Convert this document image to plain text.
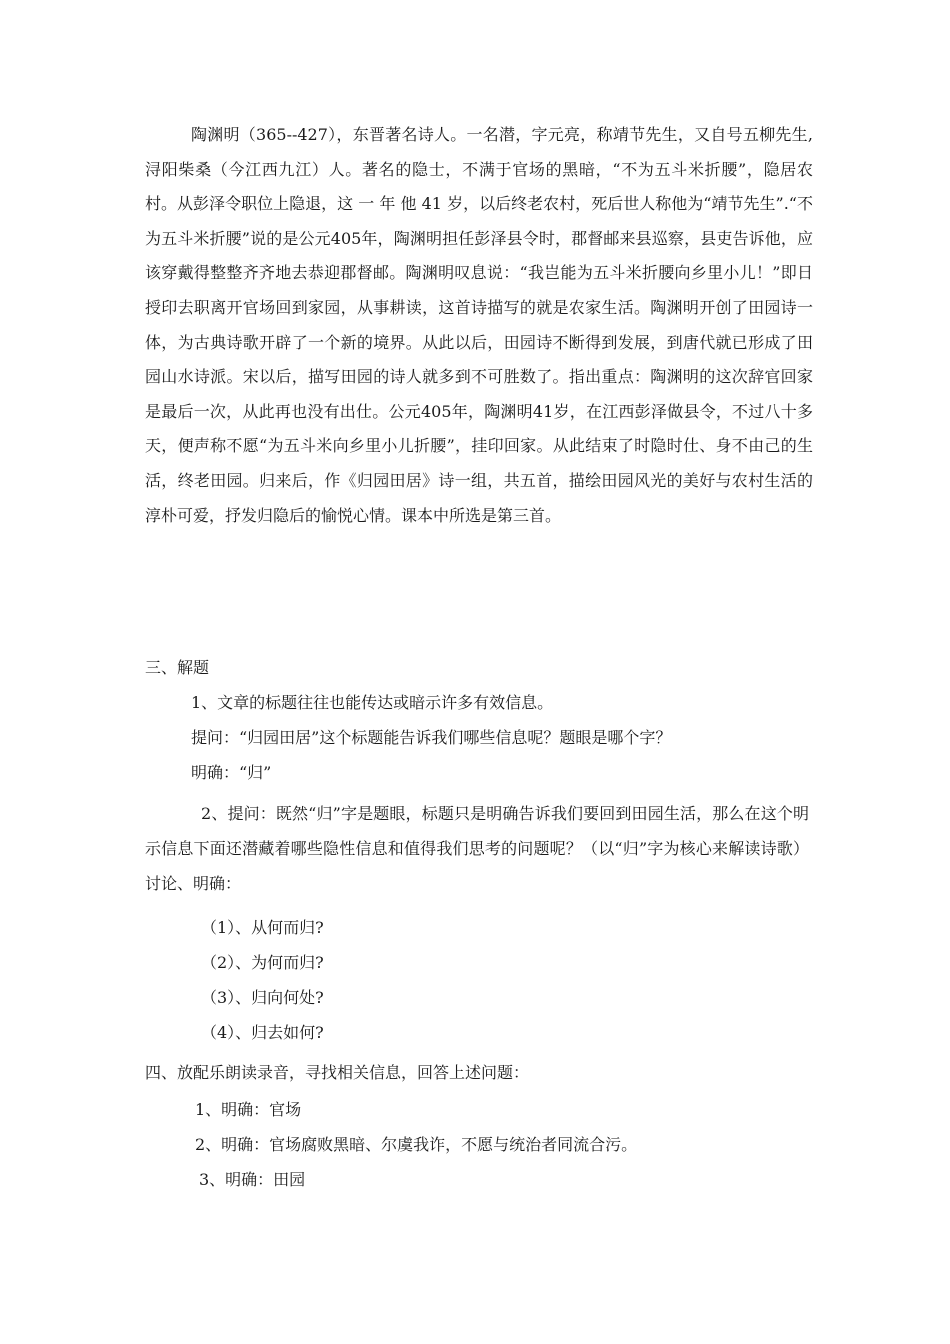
陶渊明（365--427），东晋著名诗人。一名潜，字元亮，称靖节先生，又自号五柳先生,浔阳柴桑（今江西九江）人。著名的隐士，不满于官场的黑暗，“不为五斗米折腰”，隐居农村。从彭泽令职位上隐退，这 一 年 他 41 岁，以后终老农村，死后世人称他为“靖节先生”.“不为五斗米折腰”说的是公元405年，陶渊明担任彭泽县令时，郡督邮来县巡察，县吏告诉他，应该穿戴得整整齐齐地去恭迎郡督邮。陶渊明叹息说：“我岂能为五斗米折腰向乡里小儿！”即日授印去职离开官场回到家园，从事耕读，这首诗描写的就是农家生活。陶渊明开创了田园诗一体，为古典诗歌开辟了一个新的境界。从此以后，田园诗不断得到发展，到唐代就已形成了田园山水诗派。宋以后，描写田园的诗人就多到不可胜数了。指出重点：陶渊明的这次辞官回家是最后一次，从此再也没有出仕。公元405年，陶渊明41岁，在江西彭泽做县令，不过八十多天，便声称不愿“为五斗米向乡里小儿折腰”，挂印回家。从此结束了时隐时仕、身不由己的生活，终老田园。归来后，作《归园田居》诗一组，共五首，描绘田园风光的美好与农村生活的淳朴可爱，抒发归隐后的愉悦心情。课本中所选是第三首。

三、解题

1、文章的标题往往也能传达或暗示许多有效信息。

提问：“归园田居”这个标题能告诉我们哪些信息呢？题眼是哪个字？

明确：“归”

2、提问：既然“归”字是题眼，标题只是明确告诉我们要回到田园生活，那么在这个明示信息下面还潜藏着哪些隐性信息和值得我们思考的问题呢？（以“归”字为核心来解读诗歌）讨论、明确：

（1）、从何而归?

（2）、为何而归?

（3）、归向何处?

（4）、归去如何?

四、放配乐朗读录音，寻找相关信息，回答上述问题：

1、明确：官场

2、明确：官场腐败黑暗、尔虞我诈，不愿与统治者同流合污。

3、明确：田园
